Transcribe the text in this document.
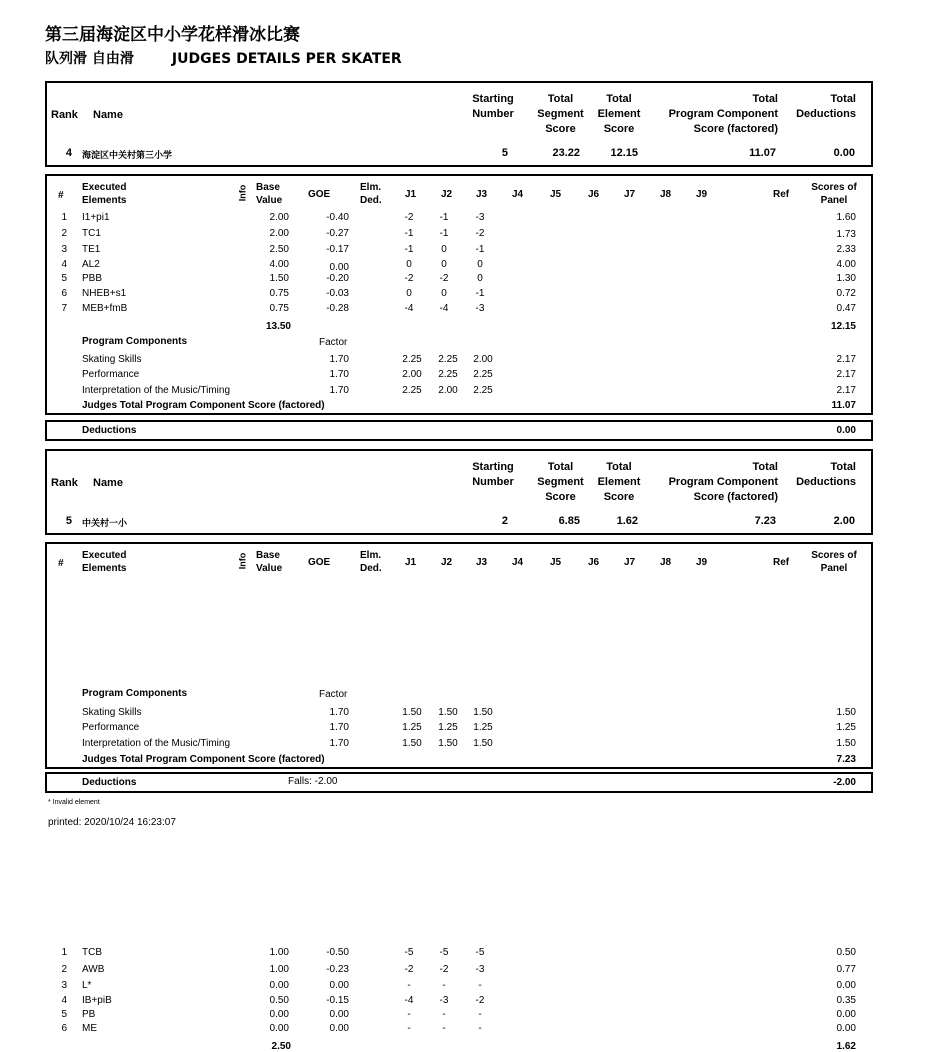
第三届海淀区中小学花样滑冰比赛
队列滑 自由滑	JUDGES DETAILS PER SKATER
Rank Name
Starting
Number
Total
Segment
Score
Total
Element
Score
Total
Program Component
Score (factored)
Total
Deductions
4 海淀区中关村第三小学	5	23.22	12.15	11.07	0.00
#
Executed
Elements	Info Base
Value
GOE
Elm.
Ded.
J1 J2 J3 J4	J5	J6 J7 J8 J9	Ref
Scores of
Panel
1 I1+pi1	2.00	-0.40	-2	-1	-3	1.60
2 TC1	2.00	-0.27	-1	-1	-2	1.73
3 TE1	2.50	-0.17	-1	0	-1	2.33
4 AL2	4.00	0.00	0	0	0	4.00
5 PBB	1.50	-0.20	-2	-2	0	1.30
6 NHEB+s1	0.75	-0.03	0	0	-1	0.72
7 MEB+fmB	0.75	-0.28	-4	-4	-3	0.47
13.50	12.15
Program Components	Factor
Skating Skills	1.70	2.25	2.25	2.00	2.17
Performance	1.70	2.00	2.25	2.25	2.17
Interpretation of the Music/Timing	1.70	2.25	2.00	2.25	2.17
Judges Total Program Component Score (factored)	11.07
Deductions	0.00
Rank Name
Starting
Number
Total
Segment
Score
Total
Element
Score
Total
Program Component
Score (factored)
Total
Deductions
5 中关村一小	2	6.85	1.62	7.23	2.00
#
Executed
Elements	Info Base
Value
GOE
Elm.
Ded.
J1 J2 J3 J4	J5	J6 J7 J8 J9	Ref
Scores of
Panel
1 TCB	1.00	-0.50	-5	-5	-5	0.50
2 AWB	1.00	-0.23	-2	-2	-3	0.77
3 L*	0.00	0.00	-	-	-	0.00
4 IB+piB	0.50	-0.15	-4	-3	-2	0.35
5 PB	0.00	0.00	-	-	-	0.00
6 ME	0.00	0.00	-	-	-	0.00
2.50	1.62
Program Components	Factor
Skating Skills	1.70	1.50	1.50	1.50	1.50
Performance	1.70	1.25	1.25	1.25	1.25
Interpretation of the Music/Timing	1.70	1.50	1.50	1.50	1.50
Judges Total Program Component Score (factored)	7.23
Deductions	Falls: -2.00	-2.00
* Invalid element
printed: 2020/10/24 16:23:07
